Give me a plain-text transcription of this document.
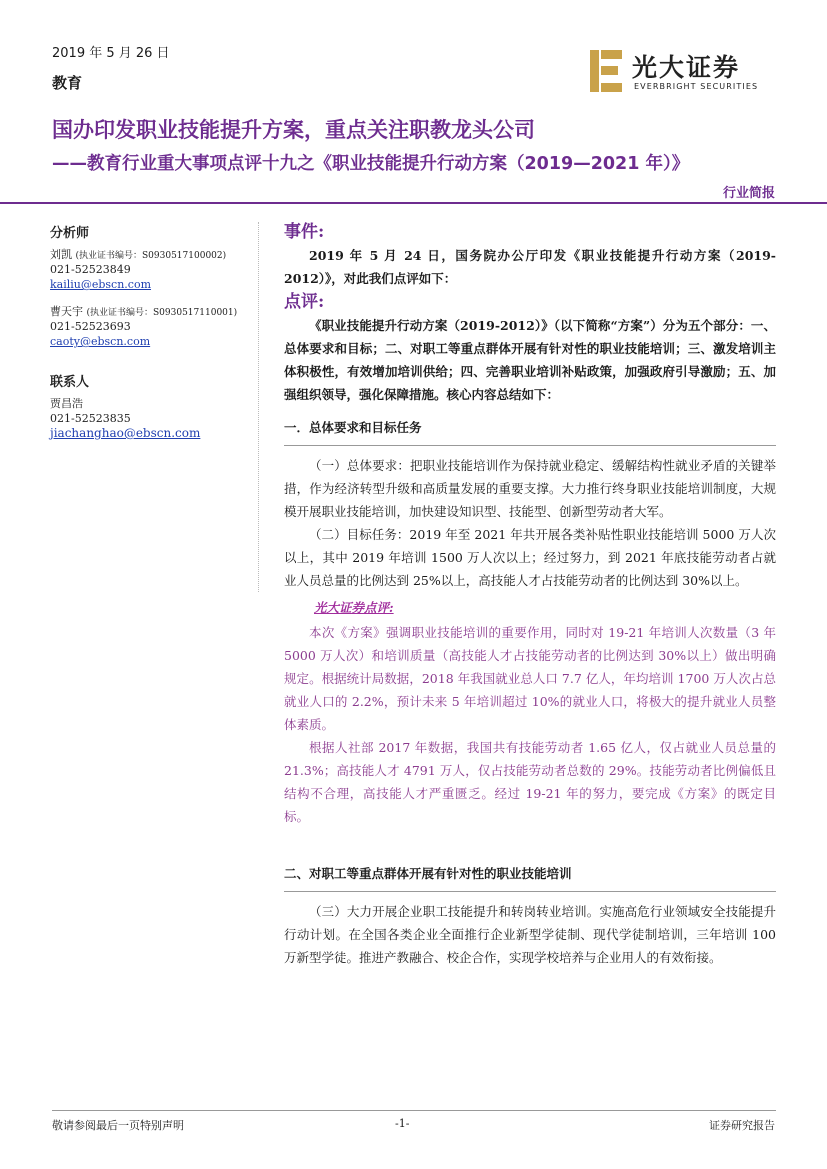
2019 年 5 月 26 日
教育
光大证券
EVERBRIGHT SECURITIES
国办印发职业技能提升方案，重点关注职教龙头公司
——教育行业重大事项点评十九之《职业技能提升行动方案（2019—2021 年）》
行业简报
分析师
刘凯 (执业证书编号：S0930517100002)
021-52523849
kailiu@ebscn.com
曹天宇 (执业证书编号：S0930517110001)
021-52523693
caoty@ebscn.com
联系人
贾昌浩
021-52523835
jiachanghao@ebscn.com

事件:

2019 年 5 月 24 日，国务院办公厅印发《职业技能提升行动方案（2019-2012）》，对此我们点评如下：

点评:

《职业技能提升行动方案（2019-2012）》（以下简称“方案”）分为五个部分：一、总体要求和目标；二、对职工等重点群体开展有针对性的职业技能培训；三、激发培训主体积极性，有效增加培训供给；四、完善职业培训补贴政策，加强政府引导激励；五、加强组织领导，强化保障措施。核心内容总结如下：

一．总体要求和目标任务

（一）总体要求：把职业技能培训作为保持就业稳定、缓解结构性就业矛盾的关键举措，作为经济转型升级和高质量发展的重要支撑。大力推行终身职业技能培训制度，大规模开展职业技能培训，加快建设知识型、技能型、创新型劳动者大军。

（二）目标任务：2019 年至 2021 年共开展各类补贴性职业技能培训 5000 万人次以上，其中 2019 年培训 1500 万人次以上；经过努力，到 2021 年底技能劳动者占就业人员总量的比例达到 25%以上，高技能人才占技能劳动者的比例达到 30%以上。

光大证券点评:

本次《方案》强调职业技能培训的重要作用，同时对 19-21 年培训人次数量（3 年 5000 万人次）和培训质量（高技能人才占技能劳动者的比例达到 30%以上）做出明确规定。根据统计局数据，2018 年我国就业总人口 7.7 亿人，年均培训 1700 万人次占总就业人口的 2.2%，预计未来 5 年培训超过 10%的就业人口，将极大的提升就业人员整体素质。

根据人社部 2017 年数据，我国共有技能劳动者 1.65 亿人，仅占就业人员总量的 21.3%；高技能人才 4791 万人，仅占技能劳动者总数的 29%。技能劳动者比例偏低且结构不合理，高技能人才严重匮乏。经过 19-21 年的努力，要完成《方案》的既定目标。

二、对职工等重点群体开展有针对性的职业技能培训

（三）大力开展企业职工技能提升和转岗转业培训。实施高危行业领域安全技能提升行动计划。在全国各类企业全面推行企业新型学徒制、现代学徒制培训，三年培训 100 万新型学徒。推进产教融合、校企合作，实现学校培养与企业用人的有效衔接。

敬请参阅最后一页特别声明	-1-	证券研究报告
